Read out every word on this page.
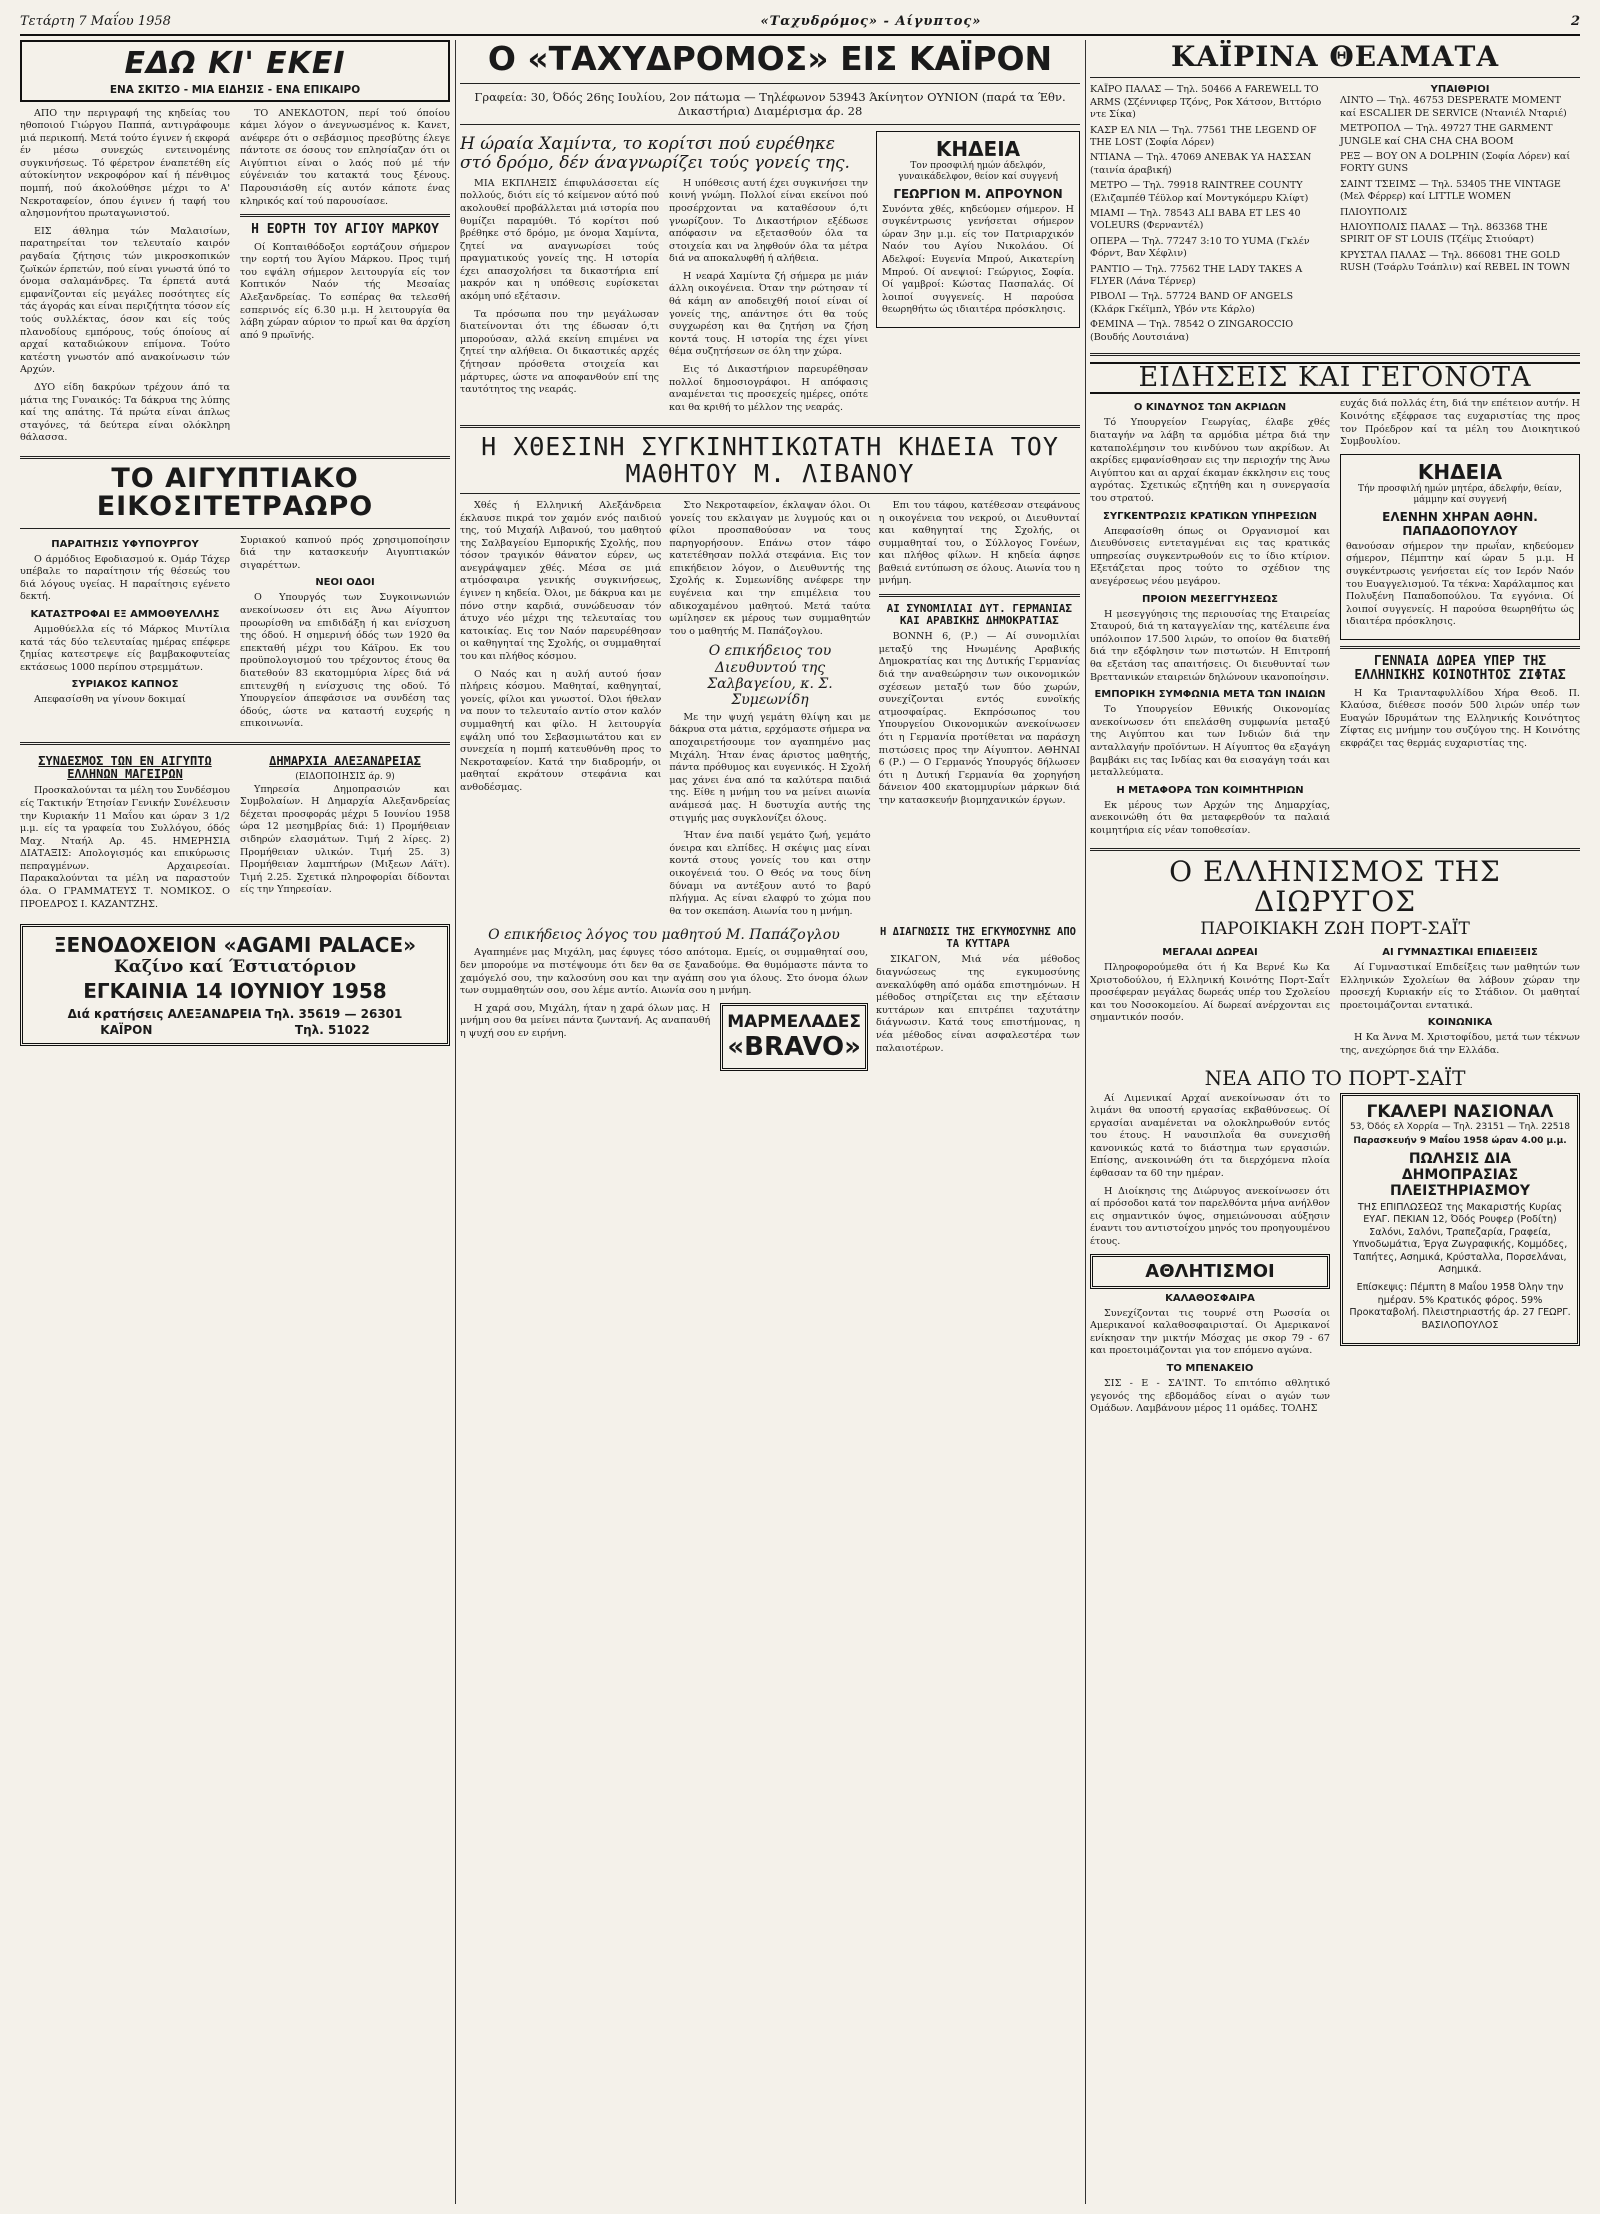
Τετάρτη 7 Μαΐου 1958	«Ταχυδρόμος» - Αίγυπτος»	2
ΕΔΩ ΚΙ' ΕΚΕΙ
ΕΝΑ ΣΚΙΤΣΟ - ΜΙΑ ΕΙΔΗΣΙΣ - ΕΝΑ ΕΠΙΚΑΙΡΟ

ΑΠΟ την περιγραφή της κηδείας του ηθοποιού Γιώργου Παππά, αντιγράφουμε μιά περικοπή. Μετά τούτο έγινεν ή εκφορά έν μέσω συνεχώς εντεινομένης συγκινήσεως. Τό φέρετρον έναπετέθη είς αύτοκίνητον νεκροφόρον καί ή πένθιμος πομπή, πού άκολούθησε μέχρι το Α' Νεκροταφείον, όπου έγινεν ή ταφή του αλησμονήτου πρωταγωνιστού.

ΕΙΣ άθλημα τών Μαλαισίων, παρατηρείται τον τελευταίο καιρόν ραγδαία ζήτησις τών μικροσκοπικών ζωϊκών έρπετών, πού είναι γνωστά ύπό το όνομα σαλαμάνδρες. Τα έρπετά αυτά εμφανίζονται είς μεγάλες ποσότητες είς τάς άγοράς και είναι περιζήτητα τόσον είς τούς συλλέκτας, όσον και είς τούς πλανοδίους εμπόρους, τούς όποίους αί αρχαί καταδιώκουν επίμονα. Τούτο κατέστη γνωστόν από ανακοίνωσιν τών Αρχών.

ΔΥΟ είδη δακρύων τρέχουν άπό τα μάτια της Γυναικός: Τα δάκρυα της λύπης καί της απάτης. Τά πρώτα είναι άπλως σταγόνες, τά δεύτερα είναι ολόκληρη θάλασσα.

ΤΟ ΑΝΕΚΔΟΤΟΝ, περί τού όποίου κάμει λόγον ο άνεγνωσμένος κ. Κανετ, ανέφερε ότι ο σεβάσμιος πρεσβύτης έλεγε πάντοτε σε όσους τον επλησίαζαν ότι οι Αιγύπτιοι είναι ο λαός πού μέ τήν εύγένειάν του κατακτά τους ξένους. Παρουσιάσθη είς αυτόν κάποτε ένας κληρικός καί τού παρουσίασε.

Η ΕΟΡΤΗ ΤΟΥ ΑΓΙΟΥ ΜΑΡΚΟΥ

Οί Κοπταιθόδοξοι εορτάζουν σήμερον την εορτή του Άγίου Μάρκου. Προς τιμή του εψάλη σήμερον λειτουργία είς τον Κοπτικόν Ναόν τής Μεσαίας Αλεξανδρείας. Το εσπέρας θα τελεσθή εσπερινός είς 6.30 μ.μ. Η λειτουργία θα λάβη χώραν αύριον το πρωΐ και θα άρχίση από 9 πρωϊνής.

ΤΟ ΑΙΓΥΠΤΙΑΚΟ ΕΙΚΟΣΙΤΕΤΡΑΩΡΟ
ΠΑΡΑΙΤΗΣΙΣ ΥΦΥΠΟΥΡΓΟΥ

Ο άρμόδιος Εφοδιασμού κ. Ομάρ Τάχερ υπέβαλε το παραίτησιν τής θέσεώς του διά λόγους υγείας. Η παραίτησις εγένετο δεκτή.

ΚΑΤΑΣΤΡΟΦΑΙ ΕΞ ΑΜΜΟΘΥΕΛΛΗΣ

Αμμοθύελλα είς τό Μάρκος Μιντίλια κατά τάς δύο τελευταίας ημέρας επέφερε ζημίας κατεστρεψε είς βαμβακοφυτείας εκτάσεως 1000 περίπου στρεμμάτων.

ΣΥΡΙΑΚΟΣ ΚΑΠΝΟΣ

Απεφασίσθη να γίνουν δοκιμαί

Συριακού καπνού πρός χρησιμοποίησιν διά την κατασκευήν Αιγυπτιακών σιγαρέττων.

ΝΕΟΙ ΟΔΟΙ

Ο Υπουργός των Συγκοινωνιών ανεκοίνωσεν ότι εις Άνω Αίγυπτον προωρίσθη να επιδιδάξη ή και ενίσχυση της όδού. Η σημερινή όδός των 1920 θα επεκταθή μέχρι του Κάϊρου. Εκ του προϋπολογισμού του τρέχοντος έτους θα διατεθούν 83 εκατομμύρια λίρες διά νά επιτευχθή η ενίσχυσις της οδού. Τό Υπουργείον άπεφάσισε να συνδέση τας όδούς, ώστε να καταστή ευχερής η επικοινωνία.

ΣΥΝΔΕΣΜΟΣ ΤΩΝ ΕΝ ΑΙΓΥΠΤΩ ΕΛΛΗΝΩΝ ΜΑΓΕΙΡΩΝ

Προσκαλούνται τα μέλη του Συνδέσμου είς Τακτικήν Έτησίαν Γενικήν Συνέλευσιν την Κυριακήν 11 Μαΐου και ώραν 3 1/2 μ.μ. είς τα γραφεία του Συλλόγου, όδός Μαχ. Νταήλ Αρ. 45. ΗΜΕΡΗΣΙΑ ΔΙΑΤΑΞΙΣ: Απολογισμός και επικύρωσις πεπραγμένων. Αρχαιρεσίαι. Παρακαλούνται τα μέλη να παραστούν όλα. Ο ΓΡΑΜΜΑΤΕΥΣ Τ. ΝΟΜΙΚΟΣ. Ο ΠΡΟΕΔΡΟΣ Ι. ΚΑΖΑΝΤΖΗΣ.

ΔΗΜΑΡΧΙΑ ΑΛΕΞΑΝΔΡΕΙΑΣ
(ΕΙΔΟΠΟΙΗΣΙΣ άρ. 9)

Υπηρεσία Δημοπρασιών και Συμβολαίων. Η Δημαρχία Αλεξανδρείας δέχεται προσφοράς μέχρι 5 Ιουνίου 1958 ώρα 12 μεσημβρίας διά: 1) Προμήθειαν σιδηρών ελασμάτων. Τιμή 2 λίρες. 2) Προμήθειαν υλικών. Τιμή 25. 3) Προμήθειαν λαμπτήρων (Μιξεων Λάϊτ). Τιμή 2.25. Σχετικά πληροφορίαι δίδονται είς την Υπηρεσίαν.

ΞΕΝΟΔΟΧΕΙΟΝ «AGAMI PALACE»
Καζίνο καί Έστιατόριον
ΕΓΚΑΙΝΙΑ 14 ΙΟΥΝΙΟΥ 1958
Διά κρατήσεις ΑΛΕΞΑΝΔΡΕΙΑ Τηλ. 35619 — 26301
ΚΑΪΡΟΝ	Τηλ. 51022
Ο «ΤΑΧΥΔΡΟΜΟΣ» ΕΙΣ ΚΑΪΡΟΝ
Γραφεία: 30, Όδός 26ης Ιουλίου, 2ον πάτωμα — Τηλέφωνον 53943 Άκίνητον ΟΥΝΙΟΝ (παρά τα Έθν. Δικαστήρια) Διαμέρισμα άρ. 28
Η ώραία Χαμίντα, το κορίτσι πού ευρέθηκε στό δρόμο, δέν άναγνωρίζει τούς γονείς της.

ΜΙΑ ΕΚΠΛΗΞΙΣ έπιφυλάσσεται είς πολλούς, διότι είς τό κείμενον αύτό πού ακολουθεί προβάλλεται μιά ιστορία που θυμίζει παραμύθι. Τό κορίτσι πού βρέθηκε στό δρόμο, με όνομα Χαμίντα, ζητεί να αναγνωρίσει τούς πραγματικούς γονείς της. Η ιστορία έχει απασχολήσει τα δικαστήρια επί μακρόν και η υπόθεσις ευρίσκεται ακόμη υπό εξέτασιν.

Τα πρόσωπα που την μεγάλωσαν διατείνονται ότι της έδωσαν ό,τι μπορούσαν, αλλά εκείνη επιμένει να ζητεί την αλήθεια. Οι δικαστικές αρχές ζήτησαν πρόσθετα στοιχεία και μάρτυρες, ώστε να αποφανθούν επί της ταυτότητος της νεαράς.

Η υπόθεσις αυτή έχει συγκινήσει την κοινή γνώμη. Πολλοί είναι εκείνοι πού προσέρχονται να καταθέσουν ό,τι γνωρίζουν. Το Δικαστήριον εξέδωσε απόφασιν να εξετασθούν όλα τα στοιχεία και να ληφθούν όλα τα μέτρα διά να αποκαλυφθή ή αλήθεια.

Η νεαρά Χαμίντα ζή σήμερα με μιάν άλλη οικογένεια. Όταν την ρώτησαν τί θά κάμη αν αποδειχθή ποιοί είναι οί γονείς της, απάντησε ότι θα τούς συγχωρέση και θα ζητήση να ζήση κοντά τους. Η ιστορία της έχει γίνει θέμα συζητήσεων σε όλη την χώρα.

Εις τό Δικαστήριον παρευρέθησαν πολλοί δημοσιογράφοι. Η απόφασις αναμένεται τις προσεχείς ημέρες, οπότε και θα κριθή το μέλλον της νεαράς.

ΚΗΔΕΙΑ
Τον προσφιλή ημών άδελφόν, γυναικάδελφον, θείον καί συγγενή
ΓΕΩΡΓΙΟΝ Μ. ΑΠΡΟΥΝΟΝ

Συνόντα χθές, κηδεύομεν σήμερον. Η συγκέντρωσις γενήσεται σήμερον ώραν 3ην μ.μ. είς τον Πατριαρχικόν Ναόν του Αγίου Νικολάου. Οί Αδελφοί: Ευγενία Μπρού, Αικατερίνη Μπρού. Οί ανεψιοί: Γεώργιος, Σοφία. Οί γαμβροί: Κώστας Πασπαλάς. Οί λοιποί συγγενείς. Η παρούσα θεωρηθήτω ώς ιδιαιτέρα πρόσκλησις.

Η ΧΘΕΣΙΝΗ ΣΥΓΚΙΝΗΤΙΚΩΤΑΤΗ ΚΗΔΕΙΑ ΤΟΥ ΜΑΘΗΤΟΥ Μ. ΛΙΒΑΝΟΥ

Χθές ή Ελληνική Αλεξάνδρεια έκλαυσε πικρά τον χαμόν ενός παιδιού της, τού Μιχαήλ Λιβανού, του μαθητού της Σαλβαγείου Εμπορικής Σχολής, που τόσον τραγικόν θάνατον εύρεν, ως ανεγράψαμεν χθές. Μέσα σε μιά ατμόσφαιρα γενικής συγκινήσεως, έγινεν η κηδεία. Όλοι, με δάκρυα και με πόνο στην καρδιά, συνώδευσαν τόν άτυχο νέο μέχρι της τελευταίας του κατοικίας. Εις τον Ναόν παρευρέθησαν οι καθηγηταί της Σχολής, οι συμμαθηταί του και πλήθος κόσμου.

Ο Ναός και η αυλή αυτού ήσαν πλήρεις κόσμου. Μαθηταί, καθηγηταί, γονείς, φίλοι και γνωστοί. Όλοι ήθελαν να πουν το τελευταίο αντίο στον καλόν συμμαθητή και φίλο. Η λειτουργία εψάλη υπό του Σεβασμιωτάτου και εν συνεχεία η πομπή κατευθύνθη προς το Νεκροταφείον. Κατά την διαδρομήν, οι μαθηταί εκράτουν στεφάνια και ανθοδέσμας.

Στο Νεκροταφείον, έκλαψαν όλοι. Οι γονείς του εκλαιγαν με λυγμούς και οι φίλοι προσπαθούσαν να τους παρηγορήσουν. Επάνω στον τάφο κατετέθησαν πολλά στεφάνια. Εις τον επικήδειον λόγον, ο Διευθυντής της Σχολής κ. Συμεωνίδης ανέφερε την ευγένεια και την επιμέλεια του αδικοχαμένου μαθητού. Μετά ταύτα ωμίλησεν εκ μέρους των συμμαθητών του ο μαθητής Μ. Παπάζογλου.

Ο επικήδειος του Διευθυντού της Σαλβαγείου, κ. Σ. Συμεωνίδη

Με την ψυχή γεμάτη θλίψη και με δάκρυα στα μάτια, ερχόμαστε σήμερα να αποχαιρετήσουμε τον αγαπημένο μας Μιχάλη. Ήταν ένας άριστος μαθητής, πάντα πρόθυμος και ευγενικός. Η Σχολή μας χάνει ένα από τα καλύτερα παιδιά της. Είθε η μνήμη του να μείνει αιωνία ανάμεσά μας. Η δυστυχία αυτής της στιγμής μας συγκλονίζει όλους.

Ήταν ένα παιδί γεμάτο ζωή, γεμάτο όνειρα και ελπίδες. Η σκέψις μας είναι κοντά στους γονείς του και στην οικογένειά του. Ο Θεός να τους δίνη δύναμι να αντέξουν αυτό το βαρύ πλήγμα. Ας είναι ελαφρύ το χώμα που θα τον σκεπάση. Αιωνία του η μνήμη.

Επι του τάφου, κατέθεσαν στεφάνους η οικογένεια του νεκρού, οι Διευθυνταί και καθηγηταί της Σχολής, οι συμμαθηταί του, ο Σύλλογος Γονέων, και πλήθος φίλων. Η κηδεία άφησε βαθειά εντύπωση σε όλους. Αιωνία του η μνήμη.

ΑΙ ΣΥΝΟΜΙΛΙΑΙ ΔΥΤ. ΓΕΡΜΑΝΙΑΣ ΚΑΙ ΑΡΑΒΙΚΗΣ ΔΗΜΟΚΡΑΤΙΑΣ

ΒΟΝΝΗ 6, (Ρ.) — Αί συνομιλίαι μεταξύ της Ηνωμένης Αραβικής Δημοκρατίας και της Δυτικής Γερμανίας διά την αναθεώρησιν των οικονομικών σχέσεων μεταξύ των δύο χωρών, συνεχίζονται εντός ευνοϊκής ατμοσφαίρας. Εκπρόσωπος του Υπουργείου Οικονομικών ανεκοίνωσεν ότι η Γερμανία προτίθεται να παράσχη πιστώσεις προς την Αίγυπτον. ΑΘΗΝΑΙ 6 (Ρ.) — Ο Γερμανός Υπουργός δήλωσεν ότι η Δυτική Γερμανία θα χορηγήση δάνειον 400 εκατομμυρίων μάρκων διά την κατασκευήν βιομηχανικών έργων.

Ο επικήδειος λόγος του μαθητού Μ. Παπάζογλου

Αγαπημένε μας Μιχάλη, μας έφυγες τόσο απότομα. Εμείς, οι συμμαθηταί σου, δεν μπορούμε να πιστέψουμε ότι δεν θα σε ξαναδούμε. Θα θυμόμαστε πάντα το χαμόγελό σου, την καλοσύνη σου και την αγάπη σου για όλους. Στο όνομα όλων των συμμαθητών σου, σου λέμε αντίο. Αιωνία σου η μνήμη.

Η χαρά σου, Μιχάλη, ήταν η χαρά όλων μας. Η μνήμη σου θα μείνει πάντα ζωντανή. Ας αναπαυθή η ψυχή σου εν ειρήνη.

ΜΑΡΜΕΛΑΔΕΣ
«BRAVO»
Η ΔΙΑΓΝΩΣΙΣ ΤΗΣ ΕΓΚΥΜΟΣΥΝΗΣ ΑΠΟ ΤΑ ΚΥΤΤΑΡΑ

ΣΙΚΑΓΟΝ, Μιά νέα μέθοδος διαγνώσεως της εγκυμοσύνης ανεκαλύφθη από ομάδα επιστημόνων. Η μέθοδος στηρίζεται εις την εξέτασιν κυττάρων και επιτρέπει ταχυτάτην διάγνωσιν. Κατά τους επιστήμονας, η νέα μέθοδος είναι ασφαλεστέρα των παλαιοτέρων.

ΚΑΪΡΙΝΑ ΘΕΑΜΑΤΑ

ΚΑΪΡΟ ΠΑΛΑΣ — Τηλ. 50466 A FAREWELL TO ARMS (Σζέννιφερ Τζόνς, Ροκ Χάτσον, Βιττόριο ντε Σίκα)

ΚΑΣΡ ΕΛ ΝΙΛ — Τηλ. 77561 THE LEGEND OF THE LOST (Σοφία Λόρεν)

ΝΤΙΑΝΑ — Τηλ. 47069 ΑΝΕΒΑΚ ΥΑ ΗΑΣΣΑΝ (ταινία άραβική)

ΜΕΤΡΟ — Τηλ. 79918 RAINTREE COUNTY (Ελιζαμπέθ Τέϋλορ καί Μοντγκόμερυ Κλίφτ)

ΜΙΑΜΙ — Τηλ. 78543 ALI BABA ET LES 40 VOLEURS (Φερναντέλ)

ΟΠΕΡΑ — Τηλ. 77247 3:10 ΤΟ YUMA (Γκλέν Φόρντ, Βαν Χέφλιν)

ΡΑΝΤΙΟ — Τηλ. 77562 THE LADY TAKES A FLYER (Λάνα Τέρνερ)

ΡΙΒΟΛΙ — Τηλ. 57724 BAND OF ANGELS (Κλάρκ Γκέϊμπλ, Υβόν ντε Κάρλο)

ΦΕΜΙΝΑ — Τηλ. 78542 O ZINGAROCCIO (Βουδής Λουτσιάνα)

ΥΠΑΙΘΡΙΟΙ

ΛΙΝΤΟ — Τηλ. 46753 DESPERATE MOMENT καί ESCALIER DE SERVICE (Ντανιέλ Νταριέ)

ΜΕΤΡΟΠΟΛ — Τηλ. 49727 THE GARMENT JUNGLE καί CHA CHA CHA BOOM

ΡΕΞ — BOY ON A DOLPHIN (Σοφία Λόρεν) καί FORTY GUNS

ΣΑΙΝΤ ΤΣΕΙΜΣ — Τηλ. 53405 THE VINTAGE (Μελ Φέρρερ) καί LITTLE WOMEN

ΠΛΙΟΥΠΟΛΙΣ

ΗΛΙΟΥΠΟΛΙΣ ΠΑΛΑΣ — Τηλ. 863368 THE SPIRIT OF ST LOUIS (Τζέϊμς Στιούαρτ)

ΚΡΥΣΤΑΛ ΠΑΛΑΣ — Τηλ. 866081 THE GOLD RUSH (Τσάρλυ Τσάπλιν) καί REBEL IN TOWN

ΕΙΔΗΣΕΙΣ ΚΑΙ ΓΕΓΟΝΟΤΑ
Ο ΚΙΝΔΥΝΟΣ ΤΩΝ ΑΚΡΙΔΩΝ

Τό Υπουργείον Γεωργίας, έλαβε χθές διαταγήν να λάβη τα αρμόδια μέτρα διά την καταπολέμησιν του κινδύνου των ακρίδων. Αι ακρίδες εμφανίσθησαν εις την περιοχήν της Άνω Αιγύπτου και αι αρχαί έκαμαν έκκλησιν εις τους αγρότας. Σχετικώς εζητήθη και η συνεργασία του στρατού.

ΣΥΓΚΕΝΤΡΩΣΙΣ ΚΡΑΤΙΚΩΝ ΥΠΗΡΕΣΙΩΝ

Απεφασίσθη όπως οι Οργανισμοί και Διευθύνσεις εντεταγμέναι εις τας κρατικάς υπηρεσίας συγκεντρωθούν εις το ίδιο κτίριον. Εξετάζεται προς τούτο το σχέδιον της ανεγέρσεως νέου μεγάρου.

ΠΡΟΙΟΝ ΜΕΣΕΓΓΥΗΣΕΩΣ

Η μεσεγγύησις της περιουσίας της Εταιρείας Σταυρού, διά τη καταγγελίαν της, κατέλειπε ένα υπόλοιπον 17.500 λιρών, το οποίον θα διατεθή διά την εξόφλησιν των πιστωτών. Η Επιτροπή θα εξετάση τας απαιτήσεις. Οι διευθυνταί των Βρεττανικών εταιρειών δηλώνουν ικανοποίησιν.

ΕΜΠΟΡΙΚΗ ΣΥΜΦΩΝΙΑ ΜΕΤΑ ΤΩΝ ΙΝΔΙΩΝ

Το Υπουργείον Εθνικής Οικονομίας ανεκοίνωσεν ότι επελάσθη συμφωνία μεταξύ της Αιγύπτου και των Ινδιών διά την ανταλλαγήν προϊόντων. Η Αίγυπτος θα εξαγάγη βαμβάκι εις τας Ινδίας και θα εισαγάγη τσάι και μεταλλεύματα.

Η ΜΕΤΑΦΟΡΑ ΤΩΝ ΚΟΙΜΗΤΗΡΙΩΝ

Εκ μέρους των Αρχών της Δημαρχίας, ανεκοινώθη ότι θα μεταφερθούν τα παλαιά κοιμητήρια είς νέαν τοποθεσίαν.

ευχάς διά πολλάς έτη, διά την επέτειον αυτήν. Η Κοινότης εξέφρασε τας ευχαριστίας της προς τον Πρόεδρον καί τα μέλη του Διοικητικού Συμβουλίου.

ΚΗΔΕΙΑ
Τήν προσφιλή ημών μητέρα, άδελφήν, θείαν, μάμμην καί συγγενή
ΕΛΕΝΗΝ ΧΗΡΑΝ ΑΘΗΝ. ΠΑΠΑΔΟΠΟΥΛΟΥ

θανούσαν σήμερον την πρωΐαν, κηδεύομεν σήμερον, Πέμπτην καί ώραν 5 μ.μ. Η συγκέντρωσις γενήσεται είς τον Ιερόν Ναόν του Ευαγγελισμού. Τα τέκνα: Χαράλαμπος και Πολυξένη Παπαδοπούλου. Τα εγγόνια. Οί λοιποί συγγενείς. Η παρούσα θεωρηθήτω ώς ιδιαιτέρα πρόσκλησις.

ΓΕΝΝΑΙΑ ΔΩΡΕΑ ΥΠΕΡ ΤΗΣ ΕΛΛΗΝΙΚΗΣ ΚΟΙΝΟΤΗΤΟΣ ΖΙΦΤΑΣ

Η Κα Τριανταφυλλίδου Χήρα Θεοδ. Π. Κλαύσα, διέθεσε ποσόν 500 λιρών υπέρ των Ευαγών Ιδρυμάτων της Ελληνικής Κοινότητος Ζίφτας εις μνήμην του συζύγου της. Η Κοινότης εκφράζει τας θερμάς ευχαριστίας της.

Ο ΕΛΛΗΝΙΣΜΟΣ ΤΗΣ ΔΙΩΡΥΓΟΣ
ΠΑΡΟΙΚΙΑΚΗ ΖΩΗ ΠΟΡΤ-ΣΑΪΤ
ΜΕΓΑΛΑΙ ΔΩΡΕΑΙ

Πληροφορούμεθα ότι ή Κα Βερνέ Κω Κα Χριστοδούλου, ή Ελληνική Κοινότης Πορτ-Σαΐτ προσέφεραν μεγάλας δωρεάς υπέρ του Σχολείου και του Νοσοκομείου. Αί δωρεαί ανέρχονται εις σημαντικόν ποσόν.

ΑΙ ΓΥΜΝΑΣΤΙΚΑΙ ΕΠΙΔΕΙΞΕΙΣ

Αί Γυμναστικαί Επιδείξεις των μαθητών των Ελληνικών Σχολείων θα λάβουν χώραν την προσεχή Κυριακήν είς το Στάδιον. Οι μαθηταί προετοιμάζονται εντατικά.

ΚΟΙΝΩΝΙΚΑ

Η Κα Άννα Μ. Χριστοφίδου, μετά των τέκνων της, ανεχώρησε διά την Ελλάδα.

ΝΕΑ ΑΠΟ ΤΟ ΠΟΡΤ-ΣΑΪΤ

Αί Λιμενικαί Αρχαί ανεκοίνωσαν ότι το λιμάνι θα υποστή εργασίας εκβαθύνσεως. Οί εργασίαι αναμένεται να ολοκληρωθούν εντός του έτους. Η ναυσιπλοΐα θα συνεχισθή κανονικώς κατά το διάστημα των εργασιών. Επίσης, ανεκοινώθη ότι τα διερχόμενα πλοία έφθασαν τα 60 την ημέραν.

Η Διοίκησις της Διώρυγος ανεκοίνωσεν ότι αί πρόσοδοι κατά τον παρελθόντα μήνα ανήλθον εις σημαντικόν ύψος, σημειώνουσαι αύξησιν έναντι του αντιστοίχου μηνός του προηγουμένου έτους.

ΑΘΛΗΤΙΣΜΟΙ
ΚΑΛΑΘΟΣΦΑΙΡΑ

Συνεχίζονται τις τουρνέ στη Ρωσσία οι Αμερικανοί καλαθοσφαιρισταί. Οι Αμερικανοί ενίκησαν την μικτήν Μόσχας με σκορ 79 - 67 και προετοιμάζονται για τον επόμενο αγώνα.

ΤΟ ΜΠΕΝΑΚΕΙΟ

ΣΙΣ - Ε - ΣΑ'ΙΝΤ. Το επιτόπιο αθλητικό γεγονός της εβδομάδος είναι ο αγών των Ομάδων. Λαμβάνουν μέρος 11 ομάδες. ΤΟΛΗΣ

ΓΚΑΛΕΡΙ ΝΑΣΙΟΝΑΛ
53, Όδός ελ Χορρία — Τηλ. 23151 — Τηλ. 22518
Παρασκευήν 9 Μαΐου 1958 ώραν 4.00 μ.μ.
ΠΩΛΗΣΙΣ ΔΙΑ ΔΗΜΟΠΡΑΣΙΑΣ
ΠΛΕΙΣΤΗΡΙΑΣΜΟΥ

ΤΗΣ ΕΠΙΠΛΩΣΕΩΣ της Μακαριστής Κυρίας ΕΥΑΓ. ΠΕΚΙΑΝ 12, Όδός Ρουφερ (Ροδίτη) Σαλόνι, Σαλόνι, Τραπεζαρία, Γραφεία, Υπνοδωμάτια, Έργα Ζωγραφικής, Κομμόδες, Ταπήτες, Ασημικά, Κρύσταλλα, Πορσελάναι, Ασημικά.

Επίσκεψις: Πέμπτη 8 Μαΐου 1958 Όλην την ημέραν. 5% Κρατικός φόρος. 59% Προκαταβολή. Πλειστηριαστής άρ. 27 ΓΕΩΡΓ. ΒΑΣΙΛΟΠΟΥΛΟΣ
